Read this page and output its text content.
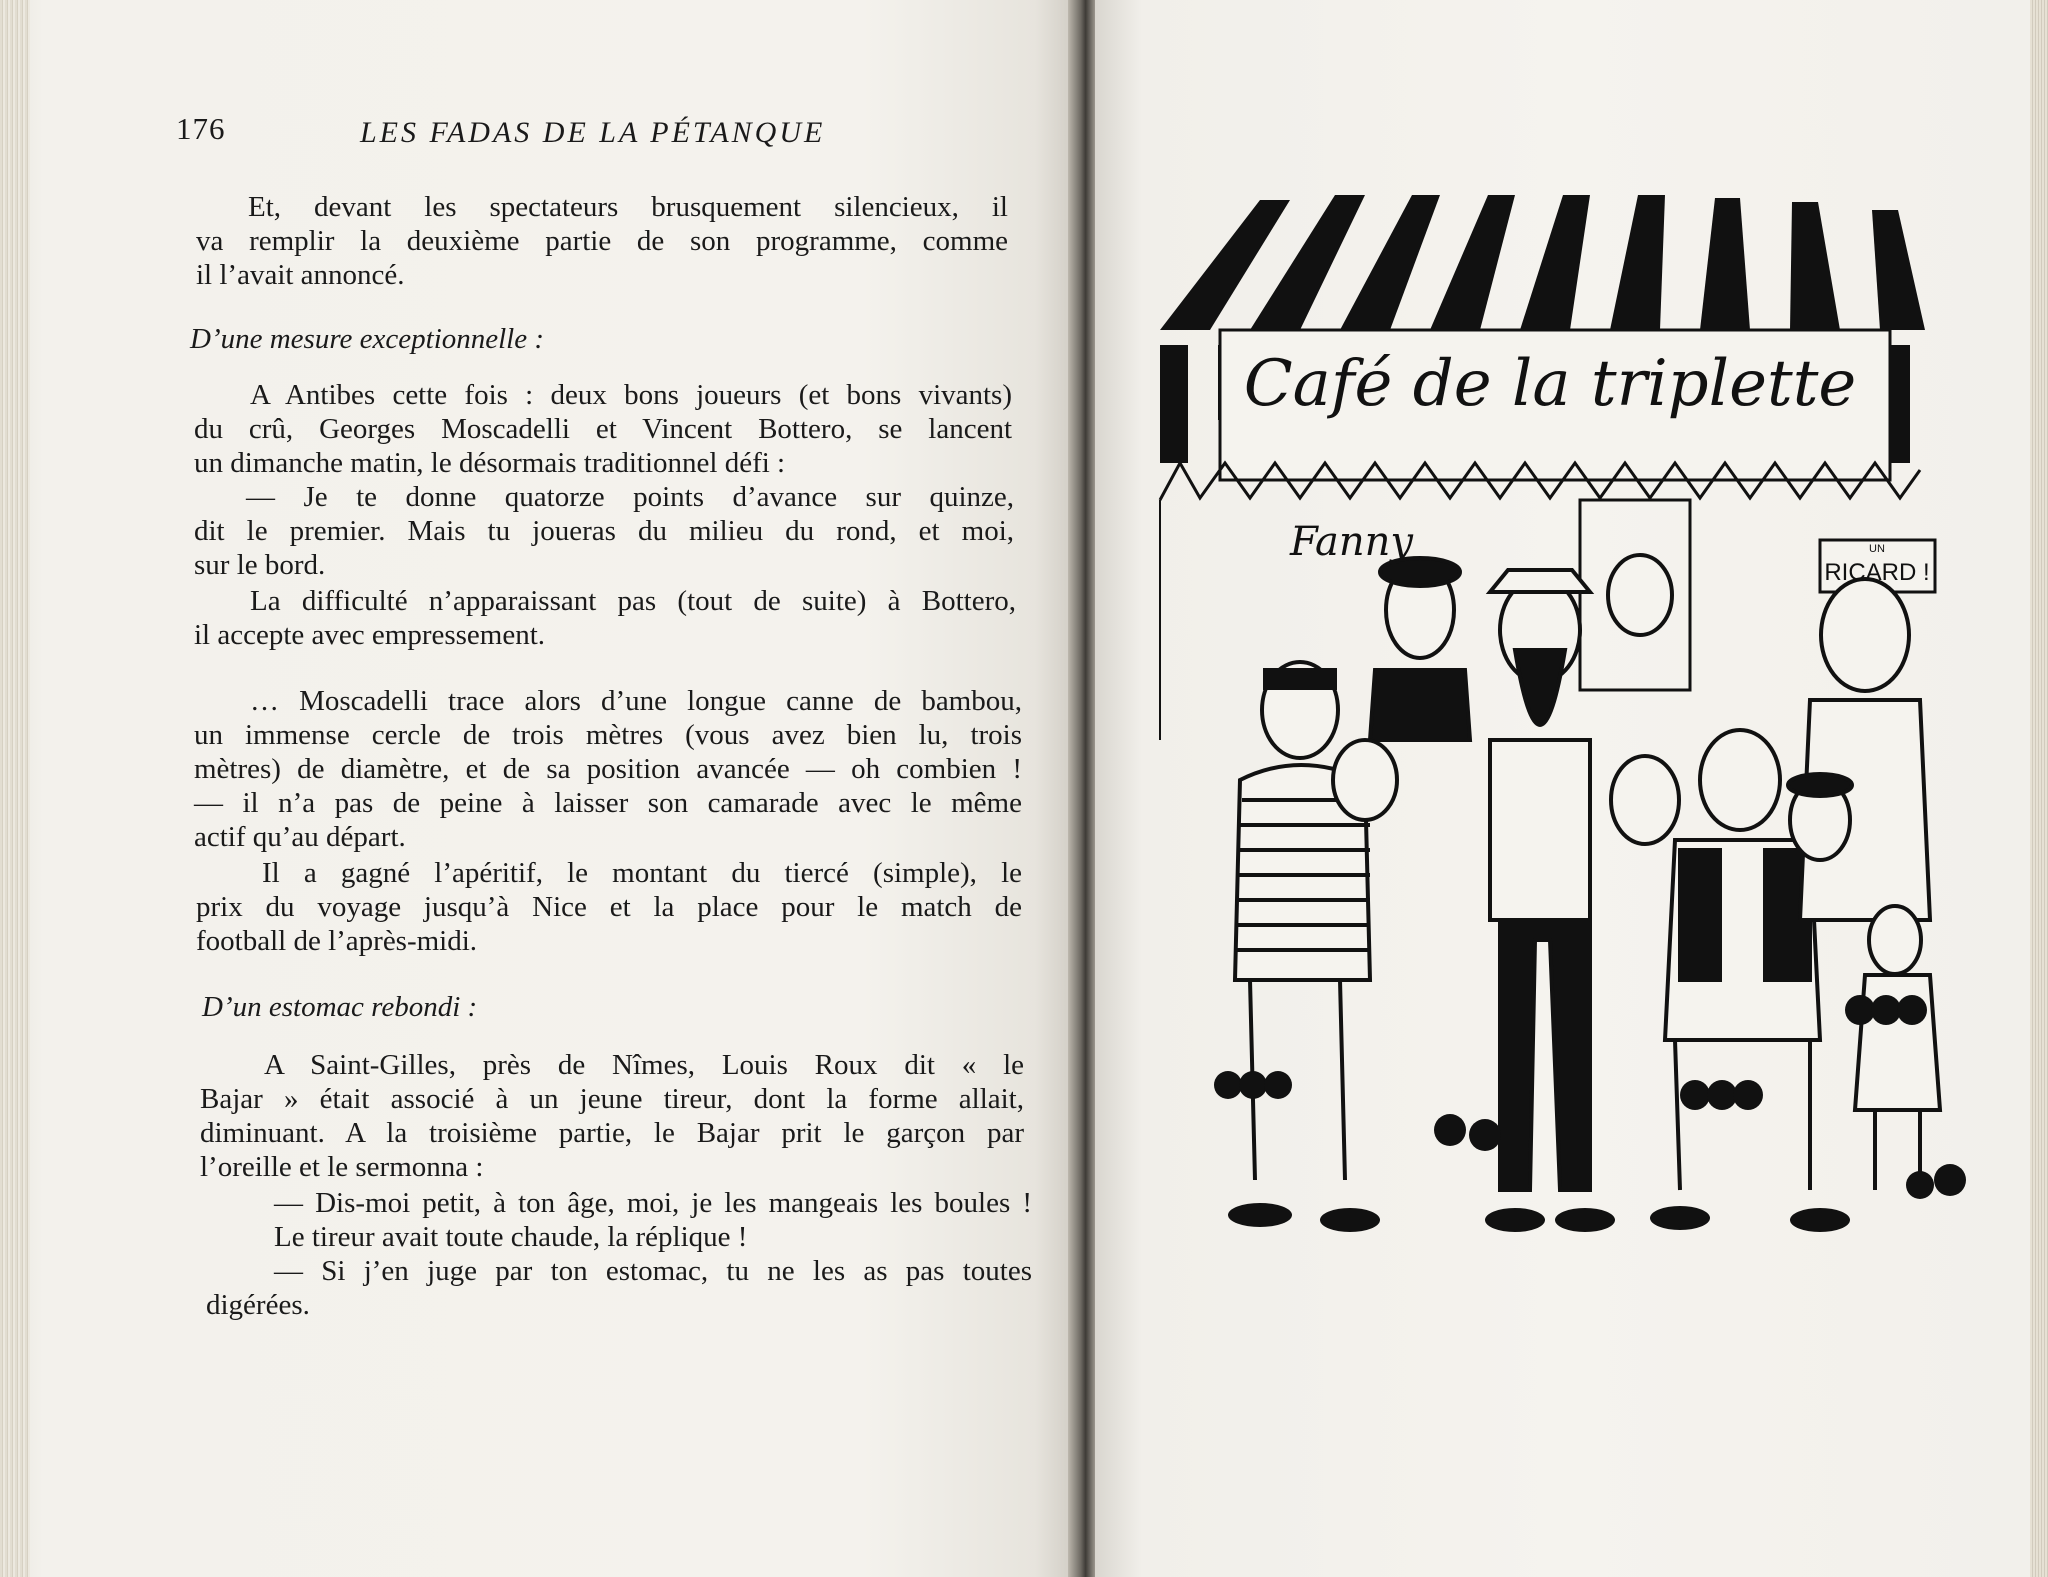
176	LES FADAS DE LA PÉTANQUE
Et, devant les spectateurs brusquement silencieux, il
va remplir la deuxième partie de son programme, comme
il l’avait annoncé.
D’une mesure exceptionnelle :
A Antibes cette fois : deux bons joueurs (et bons vivants)
du crû, Georges Moscadelli et Vincent Bottero, se lancent
un dimanche matin, le désormais traditionnel défi :
— Je te donne quatorze points d’avance sur quinze,
dit le premier. Mais tu joueras du milieu du rond, et moi,
sur le bord.
La difficulté n’apparaissant pas (tout de suite) à Bottero,
il accepte avec empressement.
… Moscadelli trace alors d’une longue canne de bambou,
un immense cercle de trois mètres (vous avez bien lu, trois
mètres) de diamètre, et de sa position avancée — oh combien !
— il n’a pas de peine à laisser son camarade avec le même
actif qu’au départ.
Il a gagné l’apéritif, le montant du tiercé (simple), le
prix du voyage jusqu’à Nice et la place pour le match de
football de l’après-midi.
D’un estomac rebondi :
A Saint-Gilles, près de Nîmes, Louis Roux dit « le
Bajar » était associé à un jeune tireur, dont la forme allait,
diminuant. A la troisième partie, le Bajar prit le garçon par
l’oreille et le sermonna :
— Dis-moi petit, à ton âge, moi, je les mangeais les boules !
Le tireur avait toute chaude, la réplique !
— Si j’en juge par ton estomac, tu ne les as pas toutes
digérées.
Café de la triplette
Fanny	UN
RICARD !
